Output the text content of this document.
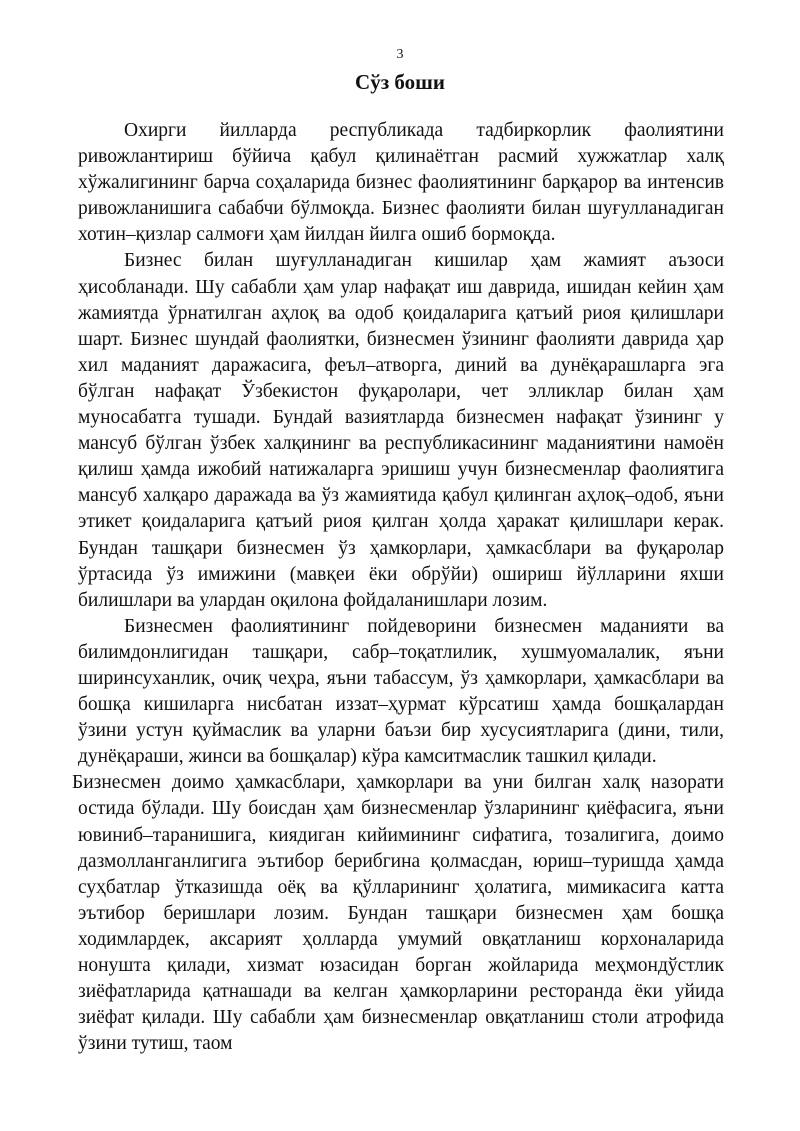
3
Сўз боши

Охирги йилларда республикада тадбиркорлик фаолиятини ривожлантириш бўйича қабул қилинаётган расмий хужжатлар халқ хўжалигининг барча соҳаларида бизнес фаолиятининг барқарор ва интенсив ривожланишига сабабчи бўлмоқда. Бизнес фаолияти билан шуғулланадиган хотин–қизлар салмоғи ҳам йилдан йилга ошиб бормоқда.

Бизнес билан шуғулланадиган кишилар ҳам жамият аъзоси ҳисобланади. Шу сабабли ҳам улар нафақат иш даврида, ишидан кейин ҳам жамиятда ўрнатилган аҳлоқ ва одоб қоидаларига қатъий риоя қилишлари шарт. Бизнес шундай фаолиятки, бизнесмен ўзининг фаолияти даврида ҳар хил маданият даражасига, феъл–атворга, диний ва дунёқарашларга эга бўлган нафақат Ўзбекистон фуқаролари, чет элликлар билан ҳам муносабатга тушади. Бундай вазиятларда бизнесмен нафақат ўзининг у мансуб бўлган ўзбек халқининг ва республикасининг маданиятини намоён қилиш ҳамда ижобий натижаларга эришиш учун бизнесменлар фаолиятига мансуб халқаро даражада ва ўз жамиятида қабул қилинган аҳлоқ–одоб, яъни этикет қоидаларига қатъий риоя қилган ҳолда ҳаракат қилишлари керак. Бундан ташқари бизнесмен ўз ҳамкорлари, ҳамкасблари ва фуқаролар ўртасида ўз имижини (мавқеи ёки обрўйи) ошириш йўлларини яхши билишлари ва улардан оқилона фойдаланишлари лозим.

Бизнесмен фаолиятининг пойдеворини бизнесмен маданияти ва билимдонлигидан ташқари, сабр–тоқатлилик, хушмуомалалик, яъни ширинсуханлик, очиқ чеҳра, яъни табассум, ўз ҳамкорлари, ҳамкасблари ва бошқа кишиларга нисбатан иззат–ҳурмат кўрсатиш ҳамда бошқалардан ўзини устун қуймаслик ва уларни баъзи бир хусусиятларига (дини, тили, дунёқараши, жинси ва бошқалар) кўра камситмаслик ташкил қилади.

Бизнесмен доимо ҳамкасблари, ҳамкорлари ва уни билган халқ назорати остида бўлади. Шу боисдан ҳам бизнесменлар ўзларининг қиёфасига, яъни ювиниб–таранишига, киядиган кийимининг сифатига, тозалигига, доимо дазмолланганлигига эътибор берибгина қолмасдан, юриш–туришда ҳамда суҳбатлар ўтказишда оёқ ва қўлларининг ҳолатига, мимикасига катта эътибор беришлари лозим. Бундан ташқари бизнесмен ҳам бошқа ходимлардек, аксарият ҳолларда умумий овқатланиш корхоналарида нонушта қилади, хизмат юзасидан борган жойларида меҳмондўстлик зиёфатларида қатнашади ва келган ҳамкорларини ресторанда ёки уйида зиёфат қилади. Шу сабабли ҳам бизнесменлар овқатланиш столи атрофида ўзини тутиш, таом
